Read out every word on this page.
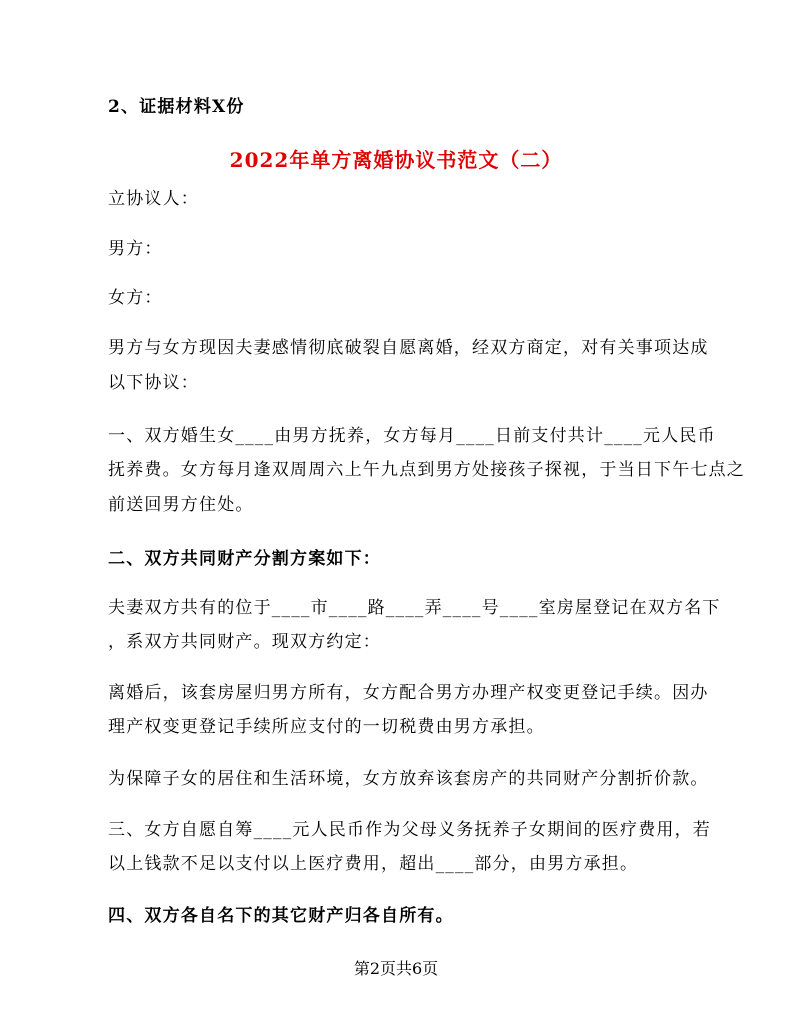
2、证据材料X份
2022年单方离婚协议书范文（二）
立协议人：
男方：
女方：
男方与女方现因夫妻感情彻底破裂自愿离婚，经双方商定，对有关事项达成
以下协议：
一、双方婚生女____由男方抚养，女方每月____日前支付共计____元人民币
抚养费。女方每月逢双周周六上午九点到男方处接孩子探视，于当日下午七点之
前送回男方住处。
二、双方共同财产分割方案如下：
夫妻双方共有的位于____市____路____弄____号____室房屋登记在双方名下
，系双方共同财产。现双方约定：
离婚后，该套房屋归男方所有，女方配合男方办理产权变更登记手续。因办
理产权变更登记手续所应支付的一切税费由男方承担。
为保障子女的居住和生活环境，女方放弃该套房产的共同财产分割折价款。
三、女方自愿自筹____元人民币作为父母义务抚养子女期间的医疗费用，若
以上钱款不足以支付以上医疗费用，超出____部分，由男方承担。
四、双方各自名下的其它财产归各自所有。
第2页共6页
